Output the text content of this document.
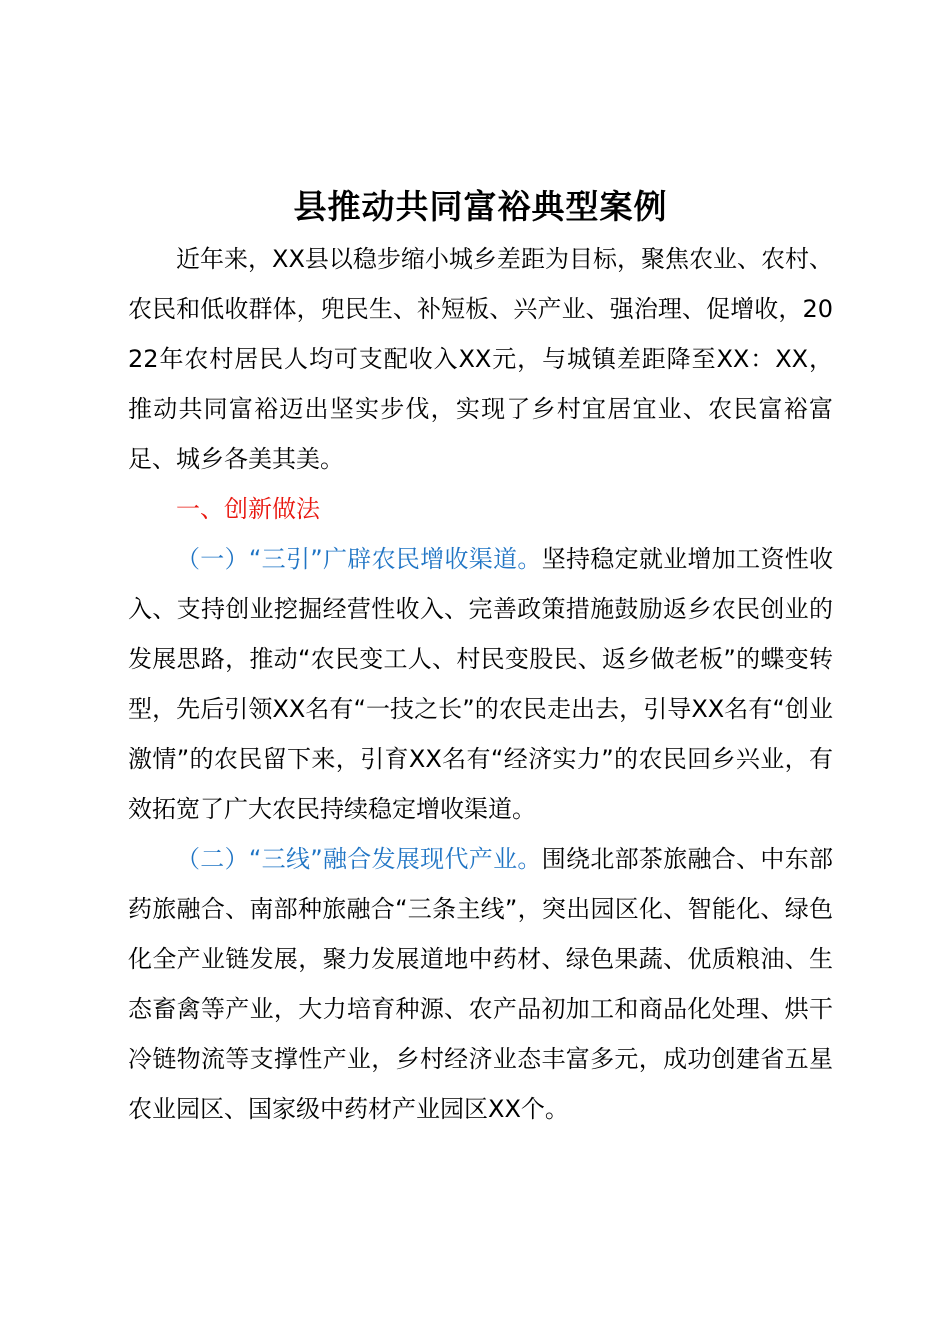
县推动共同富裕典型案例

近年来，XX县以稳步缩小城乡差距为目标，聚焦农业、农村、农民和低收群体，兜民生、补短板、兴产业、强治理、促增收，2022年农村居民人均可支配收入XX元，与城镇差距降至XX：XX，推动共同富裕迈出坚实步伐，实现了乡村宜居宜业、农民富裕富足、城乡各美其美。

一、创新做法

（一）“三引”广辟农民增收渠道。坚持稳定就业增加工资性收入、支持创业挖掘经营性收入、完善政策措施鼓励返乡农民创业的发展思路，推动“农民变工人、村民变股民、返乡做老板”的蝶变转型，先后引领XX名有“一技之长”的农民走出去，引导XX名有“创业激情”的农民留下来，引育XX名有“经济实力”的农民回乡兴业，有效拓宽了广大农民持续稳定增收渠道。

（二）“三线”融合发展现代产业。围绕北部茶旅融合、中东部药旅融合、南部种旅融合“三条主线”，突出园区化、智能化、绿色化全产业链发展，聚力发展道地中药材、绿色果蔬、优质粮油、生态畜禽等产业，大力培育种源、农产品初加工和商品化处理、烘干冷链物流等支撑性产业，乡村经济业态丰富多元，成功创建省五星农业园区、国家级中药材产业园区XX个。
